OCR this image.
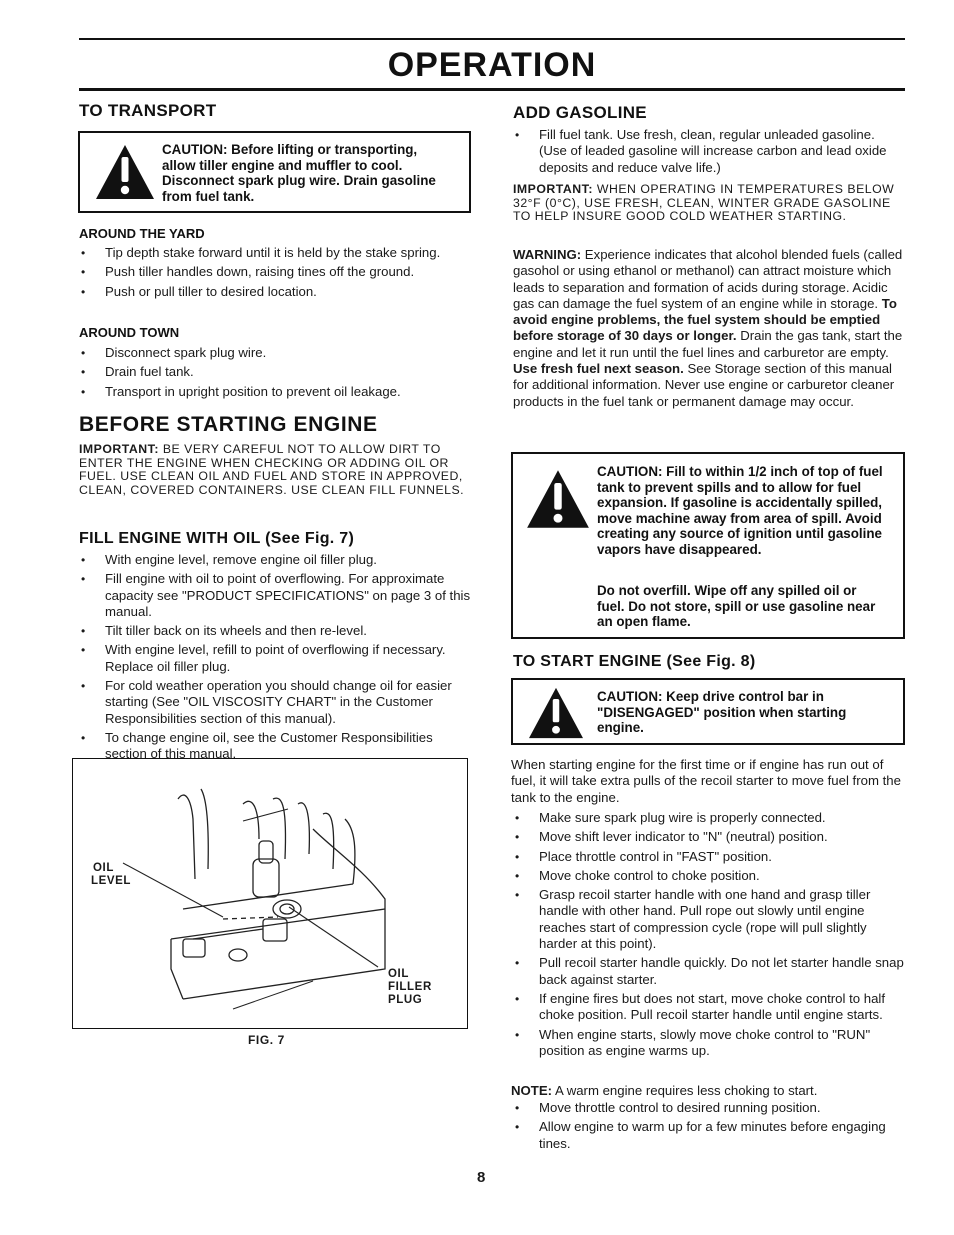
OPERATION
TO TRANSPORT
CAUTION: Before lifting or transporting, allow tiller engine and muffler to cool. Disconnect spark plug wire. Drain gasoline from fuel tank.
AROUND THE YARD
• Tip depth stake forward until it is held by the stake spring.
• Push tiller handles down, raising tines off the ground.
• Push or pull tiller to desired location.
AROUND TOWN
• Disconnect spark plug wire.
• Drain fuel tank.
• Transport in upright position to prevent oil leakage.
BEFORE STARTING ENGINE
IMPORTANT: BE VERY CAREFUL NOT TO ALLOW DIRT TO ENTER THE ENGINE WHEN CHECKING OR ADDING OIL OR FUEL. USE CLEAN OIL AND FUEL AND STORE IN APPROVED, CLEAN, COVERED CONTAINERS. USE CLEAN FILL FUNNELS.
FILL ENGINE WITH OIL (See Fig. 7)
• With engine level, remove engine oil filler plug.
• Fill engine with oil to point of overflowing. For approximate capacity see "PRODUCT SPECIFICATIONS" on page 3 of this manual.
• Tilt tiller back on its wheels and then re-level.
• With engine level, refill to point of overflowing if necessary. Replace oil filler plug.
• For cold weather operation you should change oil for easier starting (See "OIL VISCOSITY CHART" in the Customer Responsibilities section of this manual).
• To change engine oil, see the Customer Responsibilities section of this manual.
OIL
LEVEL
OIL
FILLER
PLUG
FIG. 7
ADD GASOLINE
• Fill fuel tank. Use fresh, clean, regular unleaded gasoline. (Use of leaded gasoline will increase carbon and lead oxide deposits and reduce valve life.)
IMPORTANT: WHEN OPERATING IN TEMPERATURES BELOW 32°F (0°C), USE FRESH, CLEAN, WINTER GRADE GASOLINE TO HELP INSURE GOOD COLD WEATHER STARTING.
WARNING: Experience indicates that alcohol blended fuels (called gasohol or using ethanol or methanol) can attract moisture which leads to separation and formation of acids during storage. Acidic gas can damage the fuel system of an engine while in storage. To avoid engine problems, the fuel system should be emptied before storage of 30 days or longer. Drain the gas tank, start the engine and let it run until the fuel lines and carburetor are empty. Use fresh fuel next season. See Storage section of this manual for additional information. Never use engine or carburetor cleaner products in the fuel tank or permanent damage may occur.
CAUTION: Fill to within 1/2 inch of top of fuel tank to prevent spills and to allow for fuel expansion. If gasoline is accidentally spilled, move machine away from area of spill. Avoid creating any source of ignition until gasoline vapors have disappeared.
Do not overfill. Wipe off any spilled oil or fuel. Do not store, spill or use gasoline near an open flame.
TO START ENGINE (See Fig. 8)
CAUTION: Keep drive control bar in "DISENGAGED" position when starting engine.
When starting engine for the first time or if engine has run out of fuel, it will take extra pulls of the recoil starter to move fuel from the tank to the engine.
• Make sure spark plug wire is properly connected.
• Move shift lever indicator to "N" (neutral) position.
• Place throttle control in "FAST" position.
• Move choke control to choke position.
• Grasp recoil starter handle with one hand and grasp tiller handle with other hand. Pull rope out slowly until engine reaches start of compression cycle (rope will pull slightly harder at this point).
• Pull recoil starter handle quickly. Do not let starter handle snap back against starter.
• If engine fires but does not start, move choke control to half choke position. Pull recoil starter handle until engine starts.
• When engine starts, slowly move choke control to "RUN" position as engine warms up.
NOTE: A warm engine requires less choking to start.
• Move throttle control to desired running position.
• Allow engine to warm up for a few minutes before engaging tines.
8
